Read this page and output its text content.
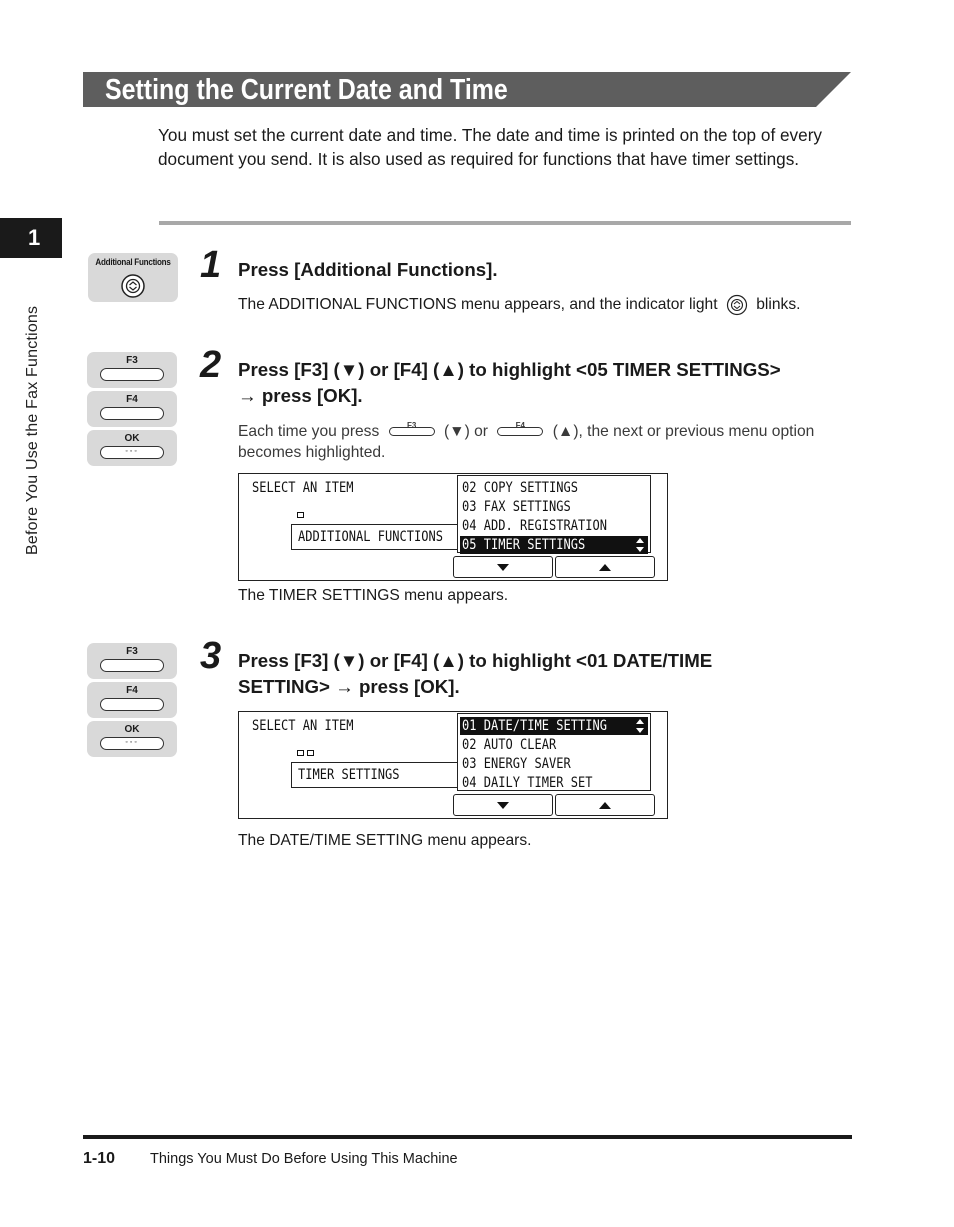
1
Before You Use the Fax Functions
Setting the Current Date and Time
You must set the current date and time. The date and time is printed on the top of every document you send. It is also used as required for functions that have timer settings.
Additional Functions 1 Press [Additional Functions].
The ADDITIONAL FUNCTIONS menu appears, and the indicator light blinks.
F3
F4
OK
◦◦◦
2 Press [F3] (▼) or [F4] (▲) to highlight <05 TIMER SETTINGS>
→ press [OK].
Each time you press	F3	(▼) or	F4	(▲), the next or previous menu option
becomes highlighted.
SELECT AN ITEM
ADDITIONAL FUNCTIONS
02 COPY SETTINGS
03 FAX SETTINGS
04 ADD. REGISTRATION
05 TIMER SETTINGS
The TIMER SETTINGS menu appears.
F3
F4
OK
◦◦◦
3 Press [F3] (▼) or [F4] (▲) to highlight <01 DATE/TIME
SETTING> → press [OK].
SELECT AN ITEM
TIMER SETTINGS
01 DATE/TIME SETTING
02 AUTO CLEAR
03 ENERGY SAVER
04 DAILY TIMER SET
The DATE/TIME SETTING menu appears.
1-10 Things You Must Do Before Using This Machine
